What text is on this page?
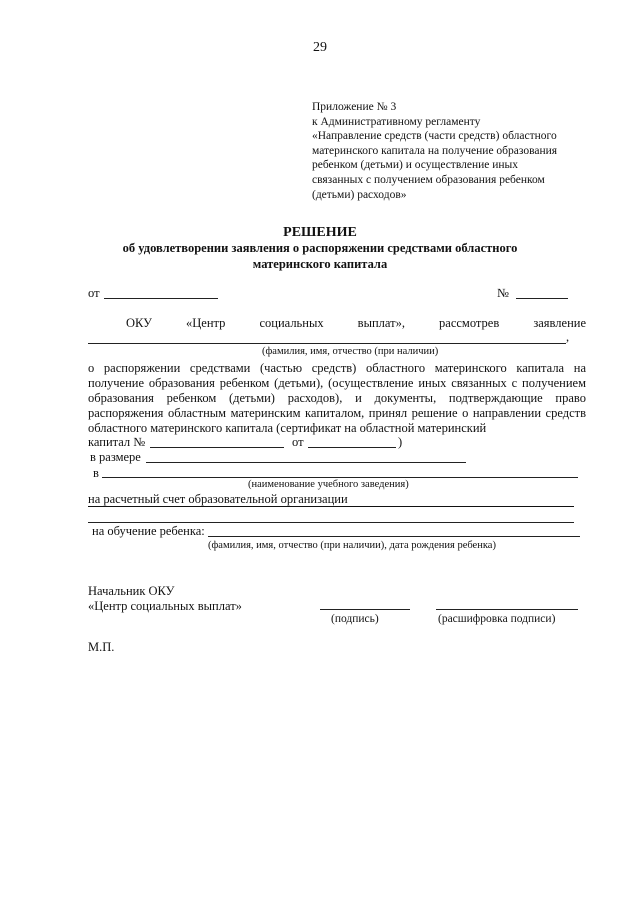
29
Приложение № 3
к Административному регламенту
«Направление средств (части средств) областного
материнского капитала на получение образования
ребенком (детьми) и осуществление иных
связанных с получением образования ребенком
(детьми) расходов»
РЕШЕНИЕ
об удовлетворении заявления о распоряжении средствами областного
материнского капитала
от	№
ОКУ	«Центр	социальных	выплат»,	рассмотрев	заявление
,
(фамилия, имя, отчество (при наличии)
о распоряжении средствами (частью средств) областного материнского капитала на получение образования ребенком (детьми), (осуществление иных связанных с получением образования ребенком (детьми) расходов), и документы, подтверждающие право распоряжения областным материнским капиталом, принял решение о направлении средств областного материнского капитала (сертификат на областной материнский
капитал №	от	)
в размере
в
(наименование учебного заведения)
на расчетный счет образовательной организации
на обучение ребенка:
(фамилия, имя, отчество (при наличии), дата рождения ребенка)
Начальник ОКУ
«Центр социальных выплат»
(подпись)	(расшифровка подписи)
М.П.
